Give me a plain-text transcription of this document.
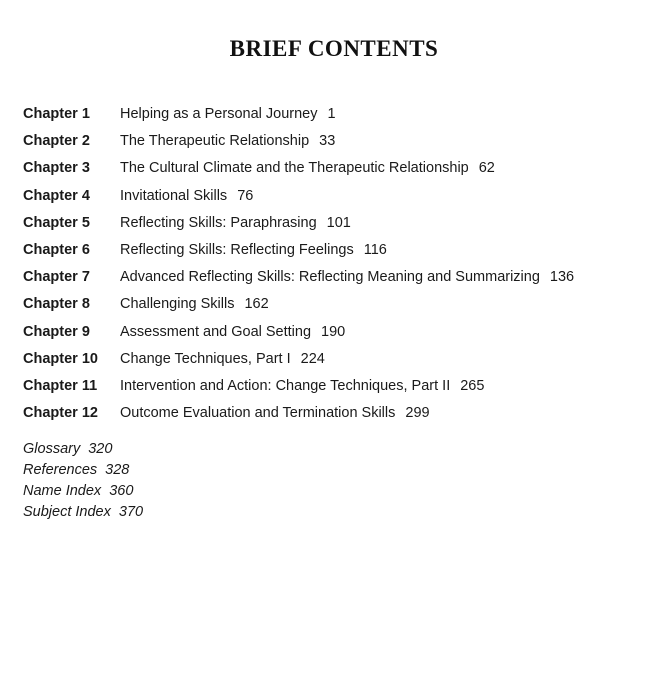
BRIEF CONTENTS
Chapter 1	Helping as a Personal Journey 1
Chapter 2	The Therapeutic Relationship 33
Chapter 3	The Cultural Climate and the Therapeutic Relationship 62
Chapter 4	Invitational Skills 76
Chapter 5	Reflecting Skills: Paraphrasing 101
Chapter 6	Reflecting Skills: Reflecting Feelings 116
Chapter 7	Advanced Reflecting Skills: Reflecting Meaning and Summarizing 136
Chapter 8	Challenging Skills 162
Chapter 9	Assessment and Goal Setting 190
Chapter 10	Change Techniques, Part I 224
Chapter 11	Intervention and Action: Change Techniques, Part II 265
Chapter 12	Outcome Evaluation and Termination Skills 299
Glossary 320
References 328
Name Index 360
Subject Index 370
